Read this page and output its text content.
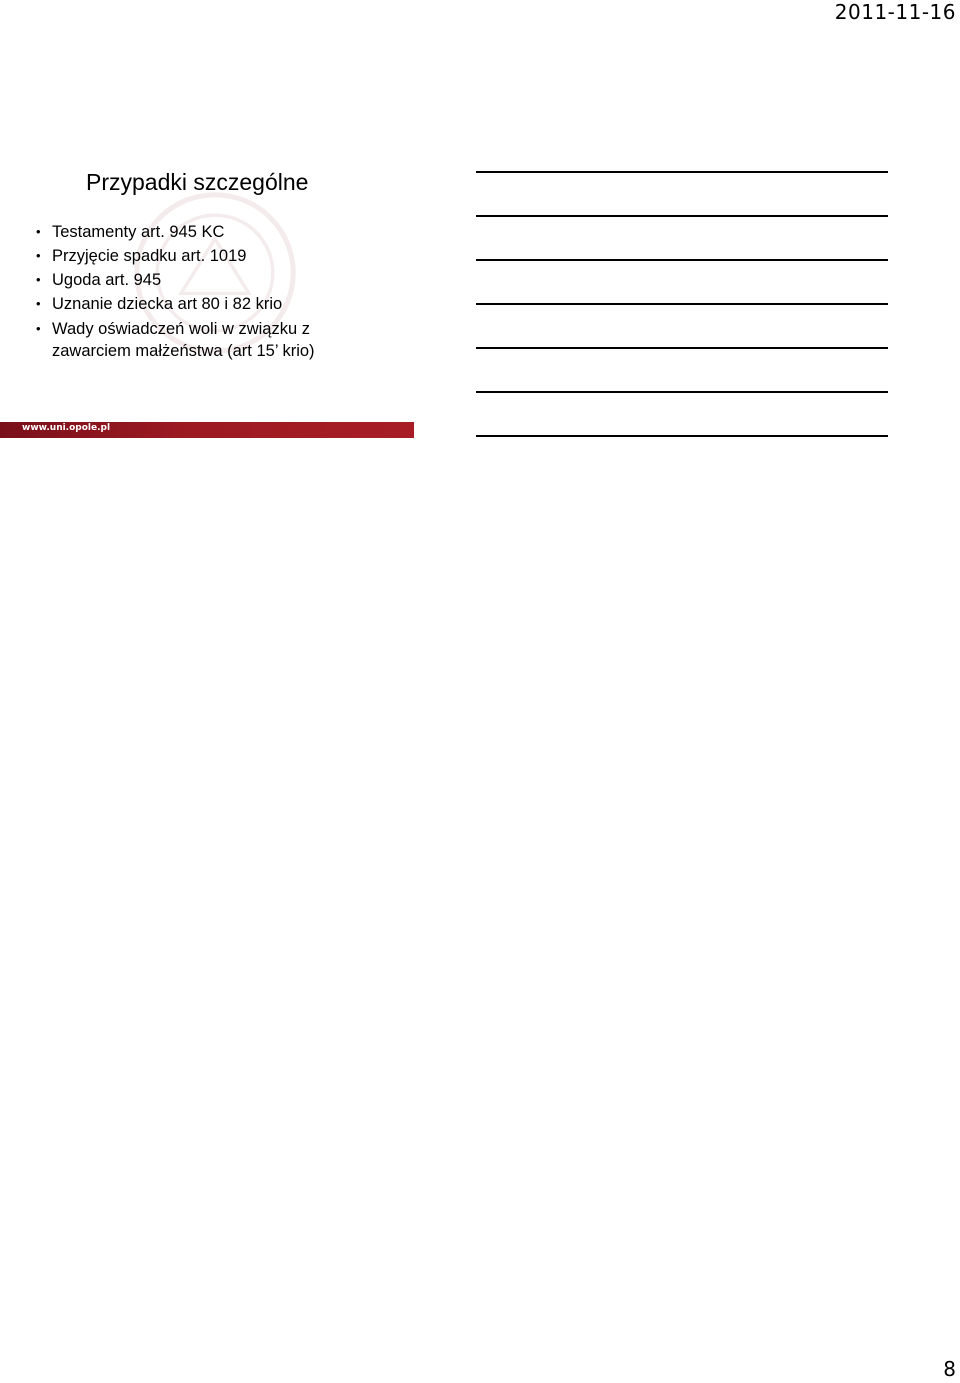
2011-11-16
Przypadki szczególne
• Testamenty art. 945 KC
• Przyjęcie spadku art. 1019
• Ugoda art. 945
• Uznanie dziecka art 80 i 82 krio
• Wady oświadczeń woli w związku z zawarciem małżeństwa (art 15’ krio)
www.uni.opole.pl
8
